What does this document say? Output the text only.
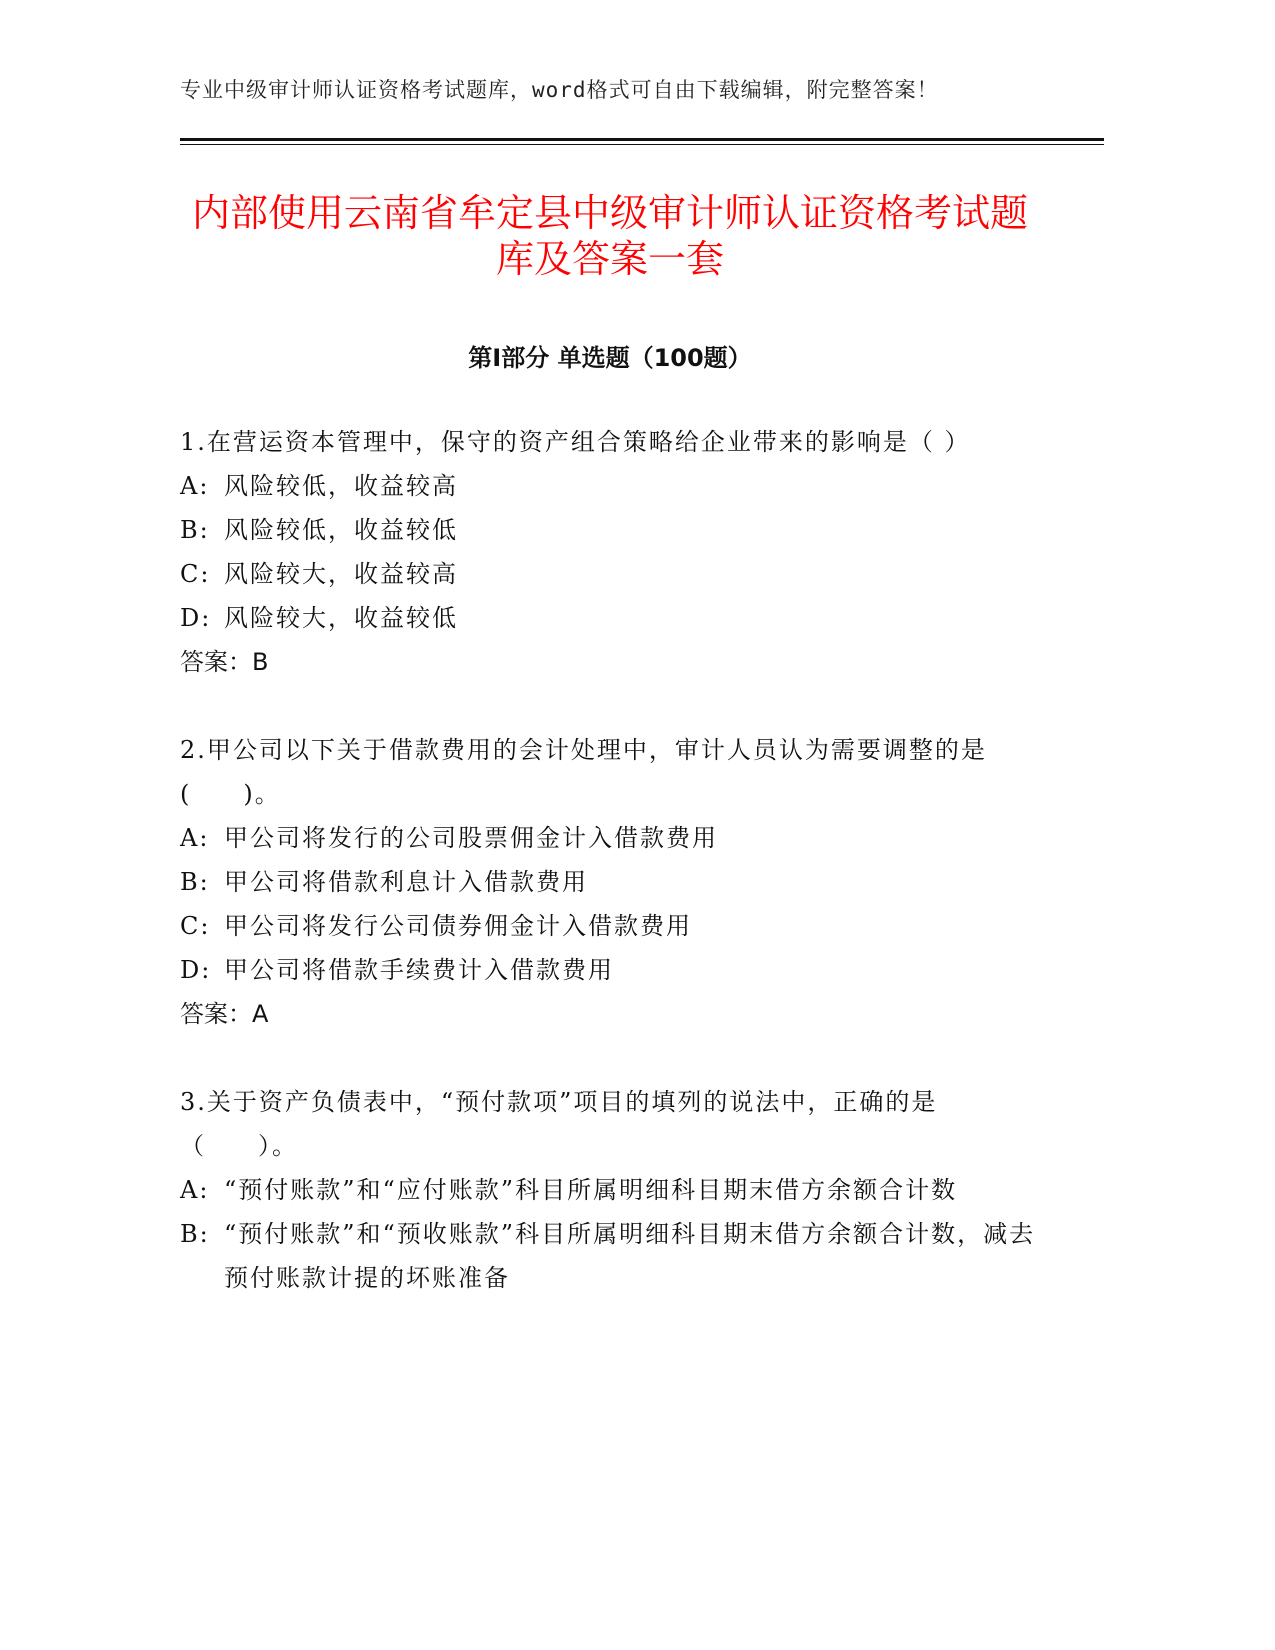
专业中级审计师认证资格考试题库，word格式可自由下载编辑，附完整答案！
内部使用云南省牟定县中级审计师认证资格考试题库及答案一套
第Ⅰ部分 单选题（100题）

1.在营运资本管理中，保守的资产组合策略给企业带来的影响是（ ）

A: 风险较低，收益较高

B: 风险较低，收益较低

C: 风险较大，收益较高

D: 风险较大，收益较低

答案：B

2.甲公司以下关于借款费用的会计处理中，审计人员认为需要调整的是(　　)。

A: 甲公司将发行的公司股票佣金计入借款费用

B: 甲公司将借款利息计入借款费用

C: 甲公司将发行公司债券佣金计入借款费用

D: 甲公司将借款手续费计入借款费用

答案：A

3.关于资产负债表中，“预付款项”项目的填列的说法中，正确的是（　　）。

A: “预付账款”和“应付账款”科目所属明细科目期末借方余额合计数

B: “预付账款”和“预收账款”科目所属明细科目期末借方余额合计数，减去预付账款计提的坏账准备
